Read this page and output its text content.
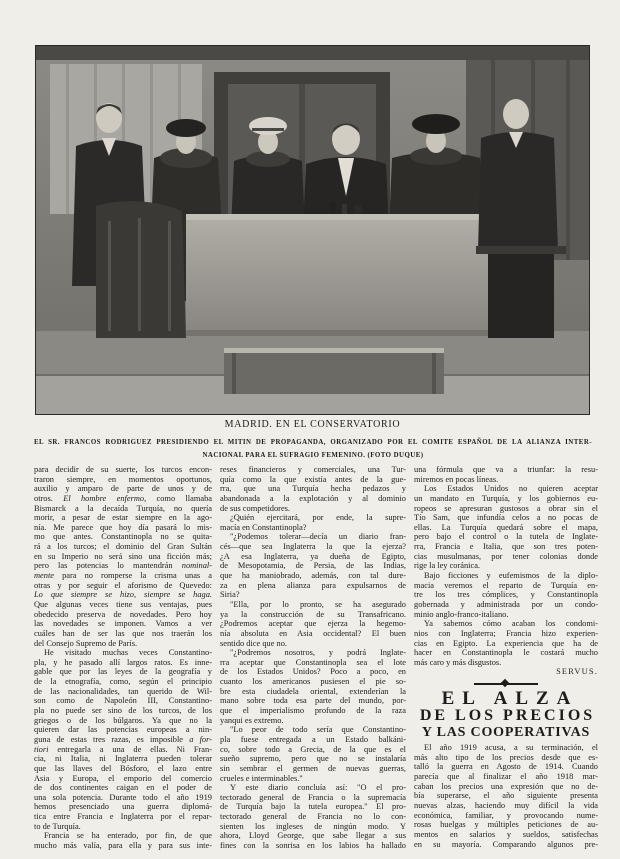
MADRID. EN EL CONSERVATORIO
EL SR. FRANCOS RODRIGUEZ PRESIDIENDO EL MITIN DE PROPAGANDA, ORGANIZADO POR EL COMITE ESPAÑOL DE LA ALIANZA INTER-
NACIONAL PARA EL SUFRAGIO FEMENINO. (FOTO DUQUE)
para decidir de su suerte, los turcos encon-
traron siempre, en momentos oportunos,
auxilio y amparo de parte de unos y de
otros. El hombre enfermo, como llamaba
Bismarck a la decaída Turquía, no quería
morir, a pesar de estar siempre en la ago-
nía. Me parece que hoy día pasará lo mis-
mo que antes. Constantinopla no se quita-
rá a los turcos; el dominio del Gran Sultán
en su Imperio no será sino una ficción más;
pero las potencias lo mantendrán nominal-
mente para no romperse la crisma unas a
otras y por seguir el aforismo de Quevedo:
Lo que siempre se hizo, siempre se haga.
Que algunas veces tiene sus ventajas, pues
obedecido preserva de novedades. Pero hoy
las novedades se imponen. Vamos a ver
cuáles han de ser las que nos traerán los
del Consejo Supremo de París.
He visitado muchas veces Constantino-
pla, y he pasado allí largos ratos. Es inne-
gable que por las leyes de la geografía y
de la etnografía, como, según el principio
de las nacionalidades, tan querido de Wil-
son como de Napoleón III, Constantino-
pla no puede ser sino de los turcos, de los
griegos o de los búlgaros. Ya que no la
quieren dar las potencias europeas a nin-
guna de estas tres razas, es imposible a for-
tiori entregarla a una de ellas. Ni Fran-
cia, ni Italia, ni Inglaterra pueden tolerar
que las llaves del Bósforo, el lazo entre
Asia y Europa, el emporio del comercio
de dos continentes caigan en el poder de
una sola potencia. Durante todo el año 1919
hemos presenciado una guerra diplomá-
tica entre Francia e Inglaterra por el repar-
to de Turquía.
Francia se ha enterado, por fin, de que
mucho más valía, para ella y para sus inte-
reses financieros y comerciales, una Tur-
quía como la que existía antes de la gue-
rra, que una Turquía hecha pedazos y
abandonada a la explotación y al dominio
de sus competidores.
¿Quién ejercitará, por ende, la supre-
macía en Constantinopla?
"¿Podemos tolerar—decía un diario fran-
cés—que sea Inglaterra la que la ejerza?
¿A esa Inglaterra, ya dueña de Egipto,
de Mesopotamia, de Persia, de las Indias,
que ha maniobrado, además, con tal dure-
za en plena alianza para expulsarnos de
Siria?
"Ella, por lo pronto, se ha asegurado
ya la construcción de su Transafricano.
¿Podremos aceptar que ejerza la hegemo-
nía absoluta en Asia occidental? El buen
sentido dice que no.
"¿Podremos nosotros, y podrá Inglate-
rra aceptar que Constantinopla sea el lote
de los Estados Unidos? Poco a poco, en
cuanto los americanos pusiesen el pie so-
bre esta ciudadela oriental, extenderían la
mano sobre toda esa parte del mundo, por-
que el imperialismo profundo de la raza
yanqui es extremo.
"Lo peor de todo sería que Constantino-
pla fuese entregada a un Estado balkáni-
co, sobre todo a Grecia, de la que es el
sueño supremo, pero que no se instalaría
sin sembrar el germen de nuevas guerras,
crueles e interminables."
Y este diario concluía así: "O el pro-
tectorado general de Francia o la supremacía
de Turquía bajo la tutela europea." El pro-
tectorado general de Francia no lo con-
sienten los ingleses de ningún modo. Y
ahora, Lloyd George, que sabe llegar a sus
fines con la sonrisa en los labios ha hallado
una fórmula que va a triunfar: la resu-
miremos en pocas líneas.
Los Estados Unidos no quieren aceptar
un mandato en Turquía, y los gobiernos eu-
ropeos se apresuran gustosos a obrar sin el
Tío Sam, que infundía celos a no pocas de
ellas. La Turquía quedará sobre el mapa,
pero bajo el control o la tutela de Inglate-
rra, Francia e Italia, que son tres poten-
cias musulmanas, por tener colonias donde
rige la ley coránica.
Bajo ficciones y eufemismos de la diplo-
macia veremos el reparto de Turquía en-
tre los tres cómplices, y Constantinopla
gobernada y administrada por un condo-
minio anglo-franco-italiano.
Ya sabemos cómo acaban los condomi-
nios con Inglaterra; Francia hizo experien-
cias en Egipto. La experiencia que ha de
hacer en Constantinopla le costará mucho
más caro y más disgustos.
SERVUS.
EL ALZA
DE LOS PRECIOS
Y LAS COOPERATIVAS
El año 1919 acusa, a su terminación, el
más alto tipo de los precios desde que es-
talló la guerra en Agosto de 1914. Cuando
parecía que al finalizar el año 1918 mar-
caban los precios una expresión que no de-
bía superarse, el año siguiente presenta
nuevas alzas, haciendo muy difícil la vida
económica, familiar, y provocando nume-
rosas huelgas y múltiples peticiones de au-
mentos en salarios y sueldos, satisfechas
en su mayoría. Comparando algunos pre-
